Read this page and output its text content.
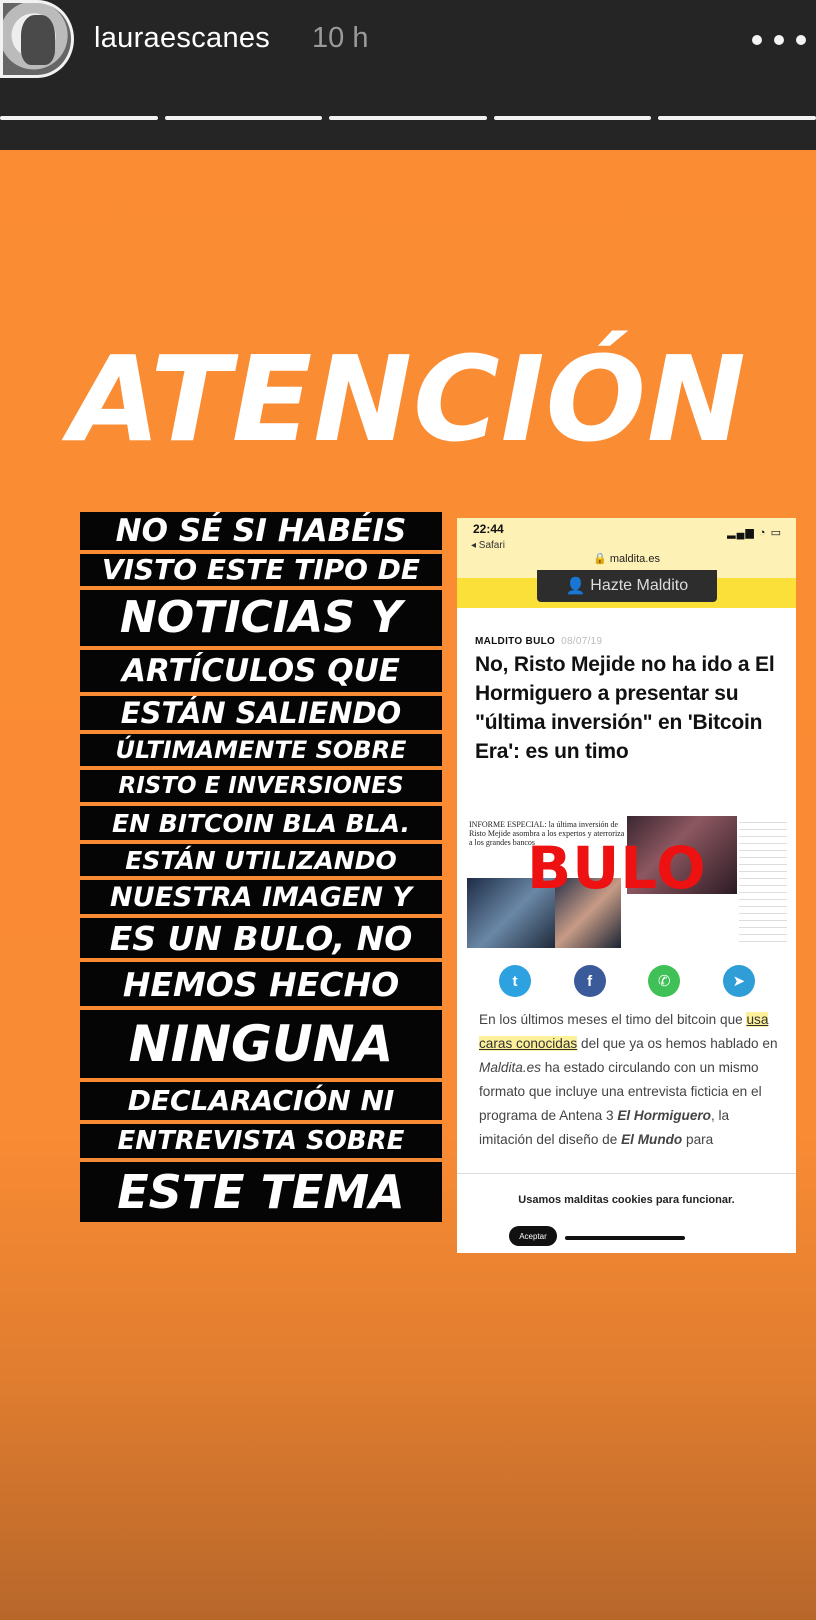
lauraescanes 10 h
ATENCIÓN
NO SÉ SI HABÉIS
VISTO ESTE TIPO DE
NOTICIAS Y
ARTÍCULOS QUE
ESTÁN SALIENDO
ÚLTIMAMENTE SOBRE
RISTO E INVERSIONES
EN BITCOIN BLA BLA.
ESTÁN UTILIZANDO
NUESTRA IMAGEN Y
ES UN BULO, NO
HEMOS HECHO
NINGUNA
DECLARACIÓN NI
ENTREVISTA SOBRE
ESTE TEMA
22:44
◂ Safari
▂▄▆ ◔ ▭
🔒 maldita.es
👤 Hazte Maldito
MALDITO BULO 08/07/19
No, Risto Mejide no ha ido a El Hormiguero a presentar su "última inversión" en 'Bitcoin Era': es un timo
INFORME ESPECIAL: la última inversión de Risto Mejide asombra a los expertos y aterroriza a los grandes bancos
BULO
t	f	✆	➤
En los últimos meses el timo del bitcoin que usa caras conocidas del que ya os hemos hablado en Maldita.es ha estado circulando con un mismo formato que incluye una entrevista ficticia en el programa de Antena 3 El Hormiguero, la imitación del diseño de El Mundo para
Usamos malditas cookies para funcionar.
Aceptar
